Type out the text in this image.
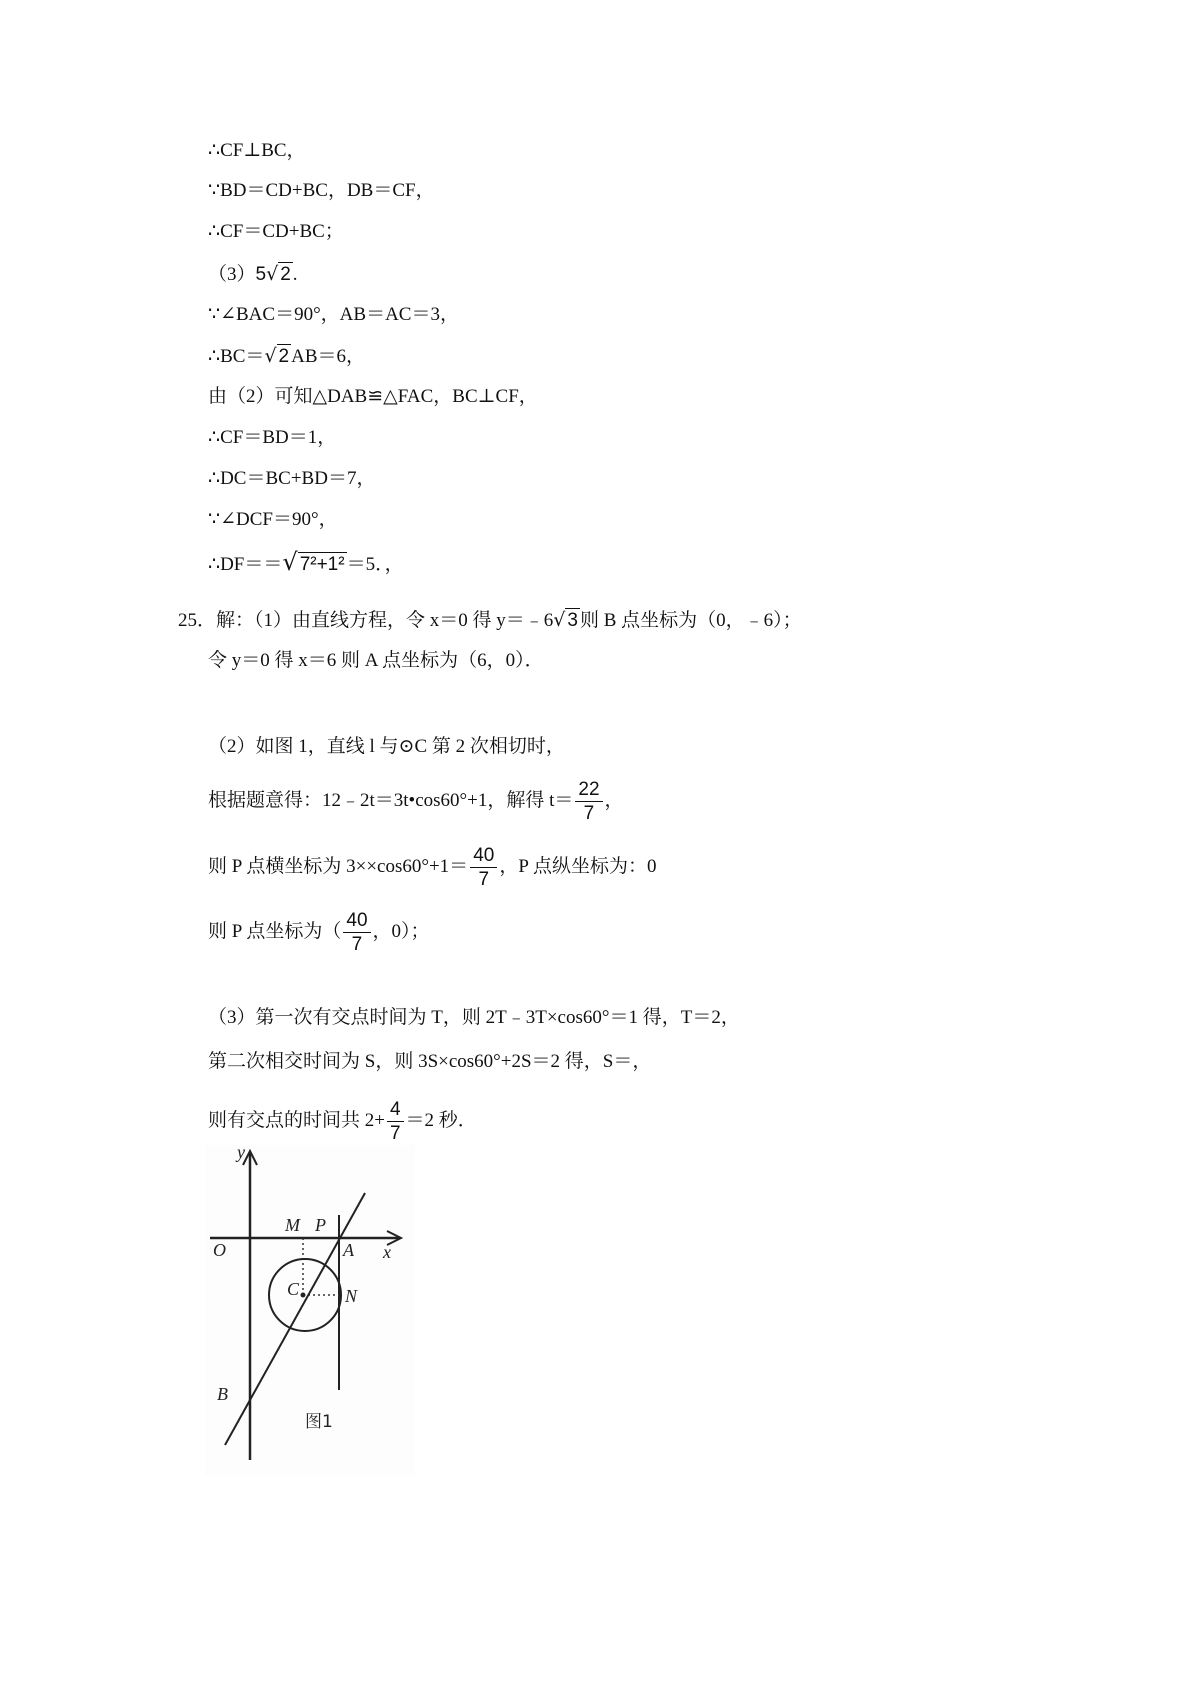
∴CF⊥BC，
∵BD＝CD+BC，DB＝CF，
∴CF＝CD+BC；
（3）5√ 2 .
∵∠BAC＝90°，AB＝AC＝3，
∴BC＝√ 2 AB＝6，
由（2）可知△DAB≌△FAC，BC⊥CF，
∴CF＝BD＝1，
∴DC＝BC+BD＝7，
∵∠DCF＝90°，
∴DF＝＝√ 7²+1² ＝5．，
25．解：（1）由直线方程，令 x＝0 得 y＝﹣6√ 3 则 B 点坐标为（0，﹣6）；
令 y＝0 得 x＝6 则 A 点坐标为（6，0）．
（2）如图 1，直线 l 与⊙C 第 2 次相切时，
根据题意得：12﹣2t＝3t•cos60°+1，解得 $t= \frac{22}{7}$ ，
则 P 点横坐标为 $3\times\times\cos 60^\circ+1= \frac{40}{7}$ ，P 点纵坐标为：0
则 P 点坐标为（ $\frac{40}{7}$ ，0）；
（3）第一次有交点时间为 T，则 2T﹣3T×cos60°＝1 得，T＝2，
第二次相交时间为 S，则 3S×cos60°+2S＝2 得，S＝，
则有交点的时间共 $2+ \frac{4}{7} =2$ 秒．
y
x
O
M P
A
C	N
B
图1
